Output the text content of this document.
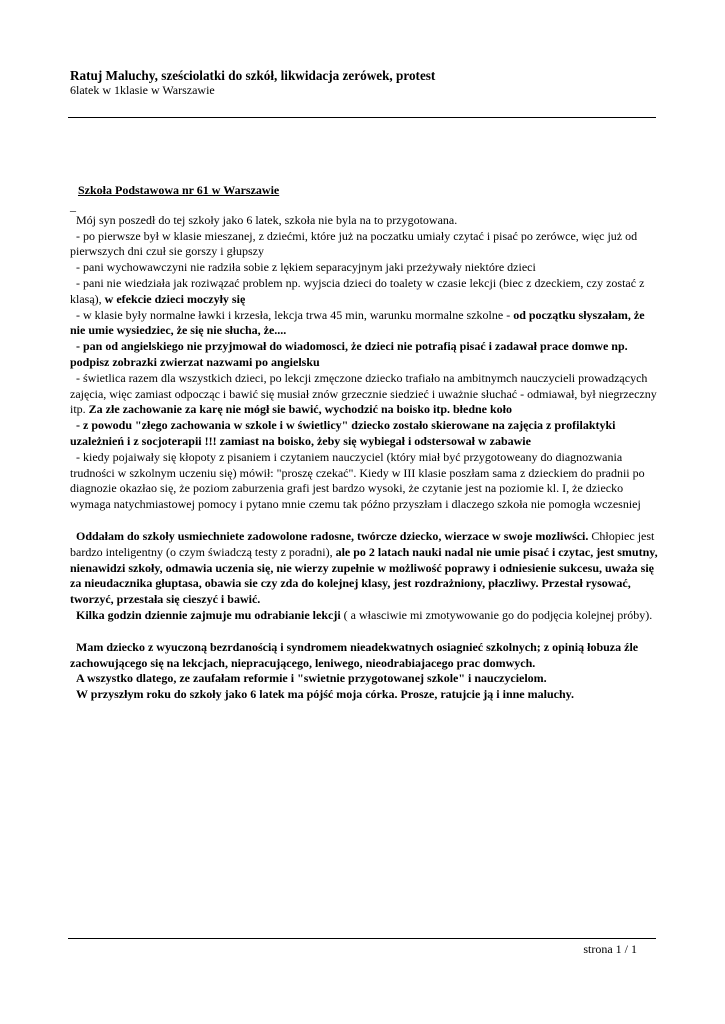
Ratuj Maluchy, sześciolatki do szkół, likwidacja zerówek, protest
6latek w 1klasie w Warszawie
Szkoła Podstawowa nr 61 w Warszawie
_

Mój syn poszedł do tej szkoły jako 6 latek, szkoła nie byla na to przygotowana.
- po pierwsze był w klasie mieszanej, z dziećmi, które już na poczatku umiały czytać i pisać po zerówce, więc już od pierwszych dni czuł sie gorszy i głupszy
- pani wychowawczyni nie radziła sobie z lękiem separacyjnym jaki przeżywały niektóre dzieci
- pani nie wiedziała jak roziwązać problem np. wyjscia dzieci do toalety w czasie lekcji (biec z dzeckiem, czy zostać z klasą), w efekcie dzieci moczyły się
- w klasie były normalne ławki i krzesła, lekcja trwa 45 min, warunku mormalne szkolne - od początku słyszałam, że nie umie wysiedziec, że się nie słucha, że....
- pan od angielskiego nie przyjmował do wiadomosci, że dzieci nie potrafią pisać i zadawał prace domwe np. podpisz zobrazki zwierzat nazwami po angielsku
- świetlica razem dla wszystkich dzieci, po lekcji zmęczone dziecko trafiało na ambitnymch nauczycieli prowadzących zajęcia, więc zamiast odpocząc i bawić się musiał znów grzecznie siedzieć i uważnie słuchać - odmiawał, był niegrzeczny itp. Za złe zachowanie za karę nie mógł sie bawić, wychodzić na boisko itp. błedne koło
- z powodu "złego zachowania w szkole i w świetlicy" dziecko zostało skierowane na zajęcia z profilaktyki uzależnień i z socjoterapii !!! zamiast na boisko, żeby się wybiegał i odstersował w zabawie
- kiedy pojaiwały się kłopoty z pisaniem i czytaniem nauczyciel (który miał być przygotoweany do diagnozwania trudności w szkolnym uczeniu się) mówił: "proszę czekać". Kiedy w III klasie poszłam sama z dzieckiem do pradnii po diagnozie okazłao się, że poziom zaburzenia grafi jest bardzo wysoki, że czytanie jest na poziomie kl. I, że dziecko wymaga natychmiastowej pomocy i pytano mnie czemu tak późno przyszłam i dlaczego szkoła nie pomogła wczesniej

Oddałam do szkoły usmiechniete zadowolone radosne, twórcze dziecko, wierzace w swoje mozliwści. Chłopiec jest bardzo inteligentny (o czym świadczą testy z poradni), ale po 2 latach nauki nadal nie umie pisać i czytac, jest smutny, nienawidzi szkoły, odmawia uczenia się, nie wierzy zupełnie w możliwość poprawy i odniesienie sukcesu, uważa się za nieudacznika głuptasa, obawia sie czy zda do kolejnej klasy, jest rozdrażniony, płaczliwy. Przestał rysować, tworzyć, przestała się cieszyć i bawić.
Kilka godzin dziennie zajmuje mu odrabianie lekcji ( a własciwie mi zmotywowanie go do podjęcia kolejnej próby).

Mam dziecko z wyuczoną bezrdanością i syndromem nieadekwatnych osiagnieć szkolnych; z opinią łobuza źle zachowującego się na lekcjach, niepracującego, leniwego, nieodrabiajacego prac domwych.
A wszystko dlatego, ze zaufałam reformie i "swietnie przygotowanej szkole" i nauczycielom.
W przyszłym roku do szkoły jako 6 latek ma pójść moja córka. Prosze, ratujcie ją i inne maluchy.

strona 1 / 1
